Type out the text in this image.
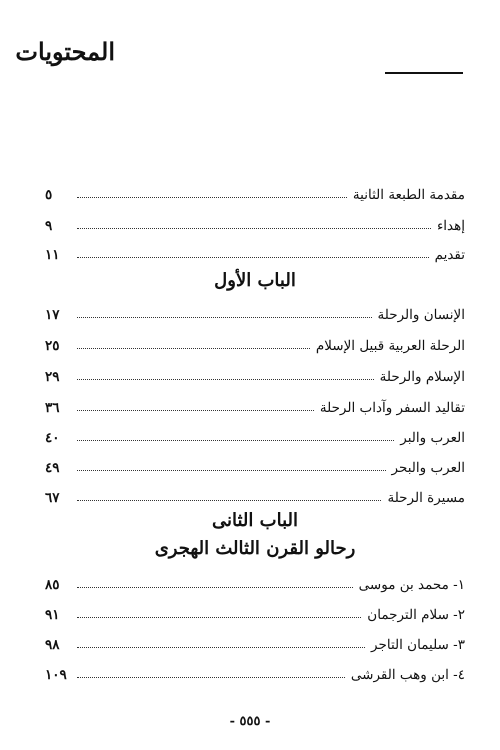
المحتويات
مقدمة الطبعة الثانية
٥
إهداء
٩
تقديم
١١
الباب الأول
الإنسان والرحلة
١٧
الرحلة العربية قبيل الإسلام
٢٥
الإسلام والرحلة
٢٩
تقاليد السفر وآداب الرحلة
٣٦
العرب والبر
٤٠
العرب والبحر
٤٩
مسيرة الرحلة
٦٧
الباب الثانى
رحالو القرن الثالث الهجرى
١- محمد بن موسى
٨٥
٢- سلام الترجمان
٩١
٣- سليمان التاجر
٩٨
٤- ابن وهب القرشى
١٠٩
- ٥٥٥ -
